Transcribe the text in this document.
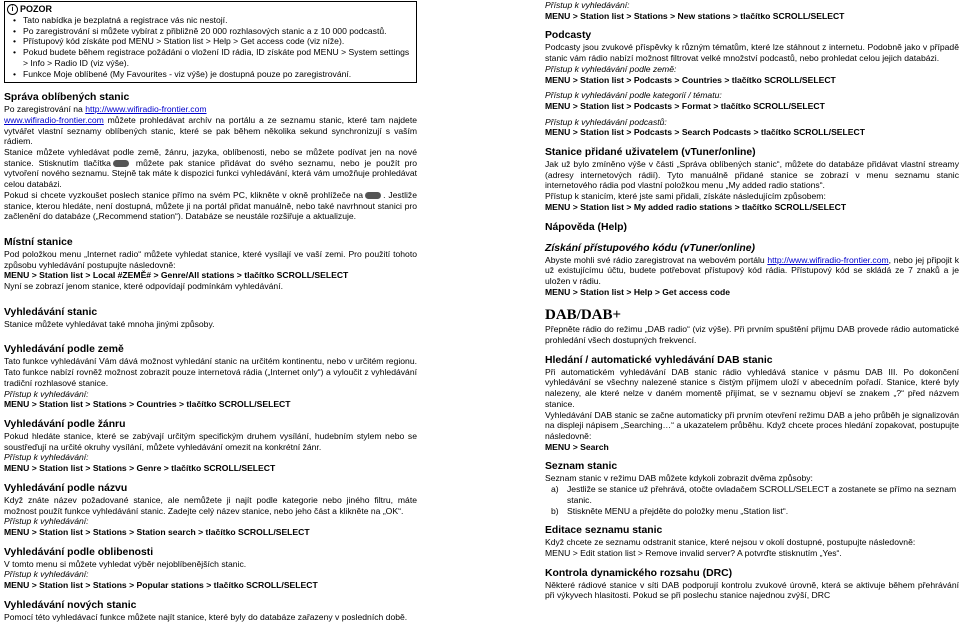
i POZOR
• Tato nabídka je bezplatná a registrace vás nic nestojí.
• Po zaregistrování si můžete vybírat z přibližně 20 000 rozhlasových stanic a z 10 000 podcastů.
• Přístupový kód získáte pod MENU > Station list > Help > Get access code (viz níže).
• Pokud budete během registrace požádáni o vložení ID rádia, ID získáte pod MENU > System settings > Info > Radio ID (viz výše).
• Funkce Moje oblíbené (My Favourites - viz výše) je dostupná pouze po zaregistrování.

Správa oblíbených stanic

Po zaregistrování na http://www.wifiradio-frontier.com

www.wifiradio-frontier.com můžete prohledávat archív na portálu a ze seznamu stanic, které tam najdete vytvářet vlastní seznamy oblíbených stanic, které se pak během několika sekund synchronizují s vaším rádiem.

Stanice můžete vyhledávat podle země, žánru, jazyka, oblíbenosti, nebo se můžete podívat jen na nové stanice. Stisknutím tlačítka můžete pak stanice přidávat do svého seznamu, nebo je použít pro vytvoření nového seznamu. Stejně tak máte k dispozici funkci vyhledávání, která vám umožňuje prohledávat celou databázi.

Pokud si chcete vyzkoušet poslech stanice přímo na svém PC, klikněte v okně prohlížeče na . Jestliže stanice, kterou hledáte, není dostupná, můžete ji na portál přidat manuálně, nebo také navrhnout stanici pro začlenění do databáze („Recommend station“). Databáze se neustále rozšiřuje a aktualizuje.

Místní stanice

Pod položkou menu „Internet radio“ můžete vyhledat stanice, které vysílají ve vaší zemi. Pro použití tohoto způsobu vyhledávání postupujte následovně:

MENU > Station list > Local #ZEMĚ# > Genre/All stations > tlačítko SCROLL/SELECT

Nyní se zobrazí jenom stanice, které odpovídají podmínkám vyhledávání.

Vyhledávání stanic

Stanice můžete vyhledávat také mnoha jinými způsoby.

Vyhledávání podle země

Tato funkce vyhledávání Vám dává možnost vyhledání stanic na určitém kontinentu, nebo v určitém regionu. Tato funkce nabízí rovněž možnost zobrazit pouze internetová rádia („Internet only“) a vyloučit z vyhledávání tradiční rozhlasové stanice.

Přístup k vyhledávání:

MENU > Station list > Stations > Countries > tlačítko SCROLL/SELECT

Vyhledávání podle žánru

Pokud hledáte stanice, které se zabývají určitým specifickým druhem vysílání, hudebním stylem nebo se soustřeďují na určité okruhy vysílání, můžete vyhledávání omezit na konkrétní žánr.

Přístup k vyhledávání:

MENU > Station list > Stations > Genre > tlačítko SCROLL/SELECT

Vyhledávání podle názvu

Když znáte název požadované stanice, ale nemůžete ji najít podle kategorie nebo jiného filtru, máte možnost použít funkce vyhledávání stanic. Zadejte celý název stanice, nebo jeho část a klikněte na „OK“.

Přístup k vyhledávání:

MENU > Station list > Stations > Station search > tlačítko SCROLL/SELECT

Vyhledávání podle oblibenosti

V tomto menu si můžete vyhledat výběr nejoblíbenějších stanic.

Přístup k vyhledávání:

MENU > Station list > Stations > Popular stations > tlačítko SCROLL/SELECT

Vyhledávání nových stanic

Pomocí této vyhledávací funkce můžete najít stanice, které byly do databáze zařazeny v posledních době.

Přístup k vyhledávání:

MENU > Station list > Stations > New stations > tlačítko SCROLL/SELECT

Podcasty

Podcasty jsou zvukové příspěvky k různým tématům, které lze stáhnout z internetu. Podobně jako v případě stanic vám rádio nabízí možnost filtrovat velké množství podcastů, nebo prohledat celou jejich databázi.

Přístup k vyhledávání podle země:

MENU > Station list > Podcasts > Countries > tlačítko SCROLL/SELECT

Přístup k vyhledávání podle kategorií / tématu:

MENU > Station list > Podcasts > Format > tlačítko SCROLL/SELECT

Přístup k vyhledávání podcastů:

MENU > Station list > Podcasts > Search Podcasts > tlačítko SCROLL/SELECT

Stanice přidané uživatelem (vTuner/online)

Jak už bylo zmíněno výše v části „Správa oblíbených stanic“, můžete do databáze přidávat vlastní streamy (adresy internetových rádií). Tyto manuálně přidané stanice se zobrazí v menu seznamu stanic internetového rádia pod vlastní položkou menu „My added radio stations“.

Přístup k stanicím, které jste sami přidali, získáte následujícím způsobem:

MENU > Station list > My added radio stations > tlačítko SCROLL/SELECT

Nápověda (Help)

Získání přístupového kódu (vTuner/online)

Abyste mohli své rádio zaregistrovat na webovém portálu http://www.wifiradio-frontier.com, nebo jej připojit k už existujícímu účtu, budete potřebovat přístupový kód rádia. Přístupový kód se skládá ze 7 znaků a je uložen v rádiu.

MENU > Station list > Help > Get access code

DAB/DAB+

Přepněte rádio do režimu „DAB radio“ (viz výše). Při prvním spuštění přijmu DAB provede rádio automatické prohledání všech dostupných frekvencí.

Hledání / automatické vyhledávání DAB stanic

Při automatickém vyhledávání DAB stanic rádio vyhledává stanice v pásmu DAB III. Po dokončení vyhledávání se všechny nalezené stanice s čistým příjmem uloží v abecedním pořadí. Stanice, které byly nalezeny, ale které nelze v daném momentě přijímat, se v seznamu objeví se znakem „?“ před názvem stanice.

Vyhledávání DAB stanic se začne automaticky při prvním otevření režimu DAB a jeho průběh je signalizován na displeji nápisem „Searching…“ a ukazatelem průběhu. Když chcete proces hledání zopakovat, postupujte následovně:

MENU > Search

Seznam stanic

Seznam stanic v režimu DAB můžete kdykoli zobrazit dvěma způsoby:

a) Jestliže se stanice už přehrává, otočte ovladačem SCROLL/SELECT a zostanete se přímo na seznam stanic.
b) Stiskněte MENU a přejděte do položky menu „Station list“.

Editace seznamu stanic

Když chcete ze seznamu odstranit stanice, které nejsou v okolí dostupné, postupujte následovně:

MENU > Edit station list > Remove invalid server? A potvrďte stisknutím „Yes“.

Kontrola dynamického rozsahu (DRC)

Některé rádiové stanice v síti DAB podporují kontrolu zvukové úrovně, která se aktivuje během přehrávání při výkyvech hlasitosti. Pokud se při poslechu stanice najednou zvýší, DRC
